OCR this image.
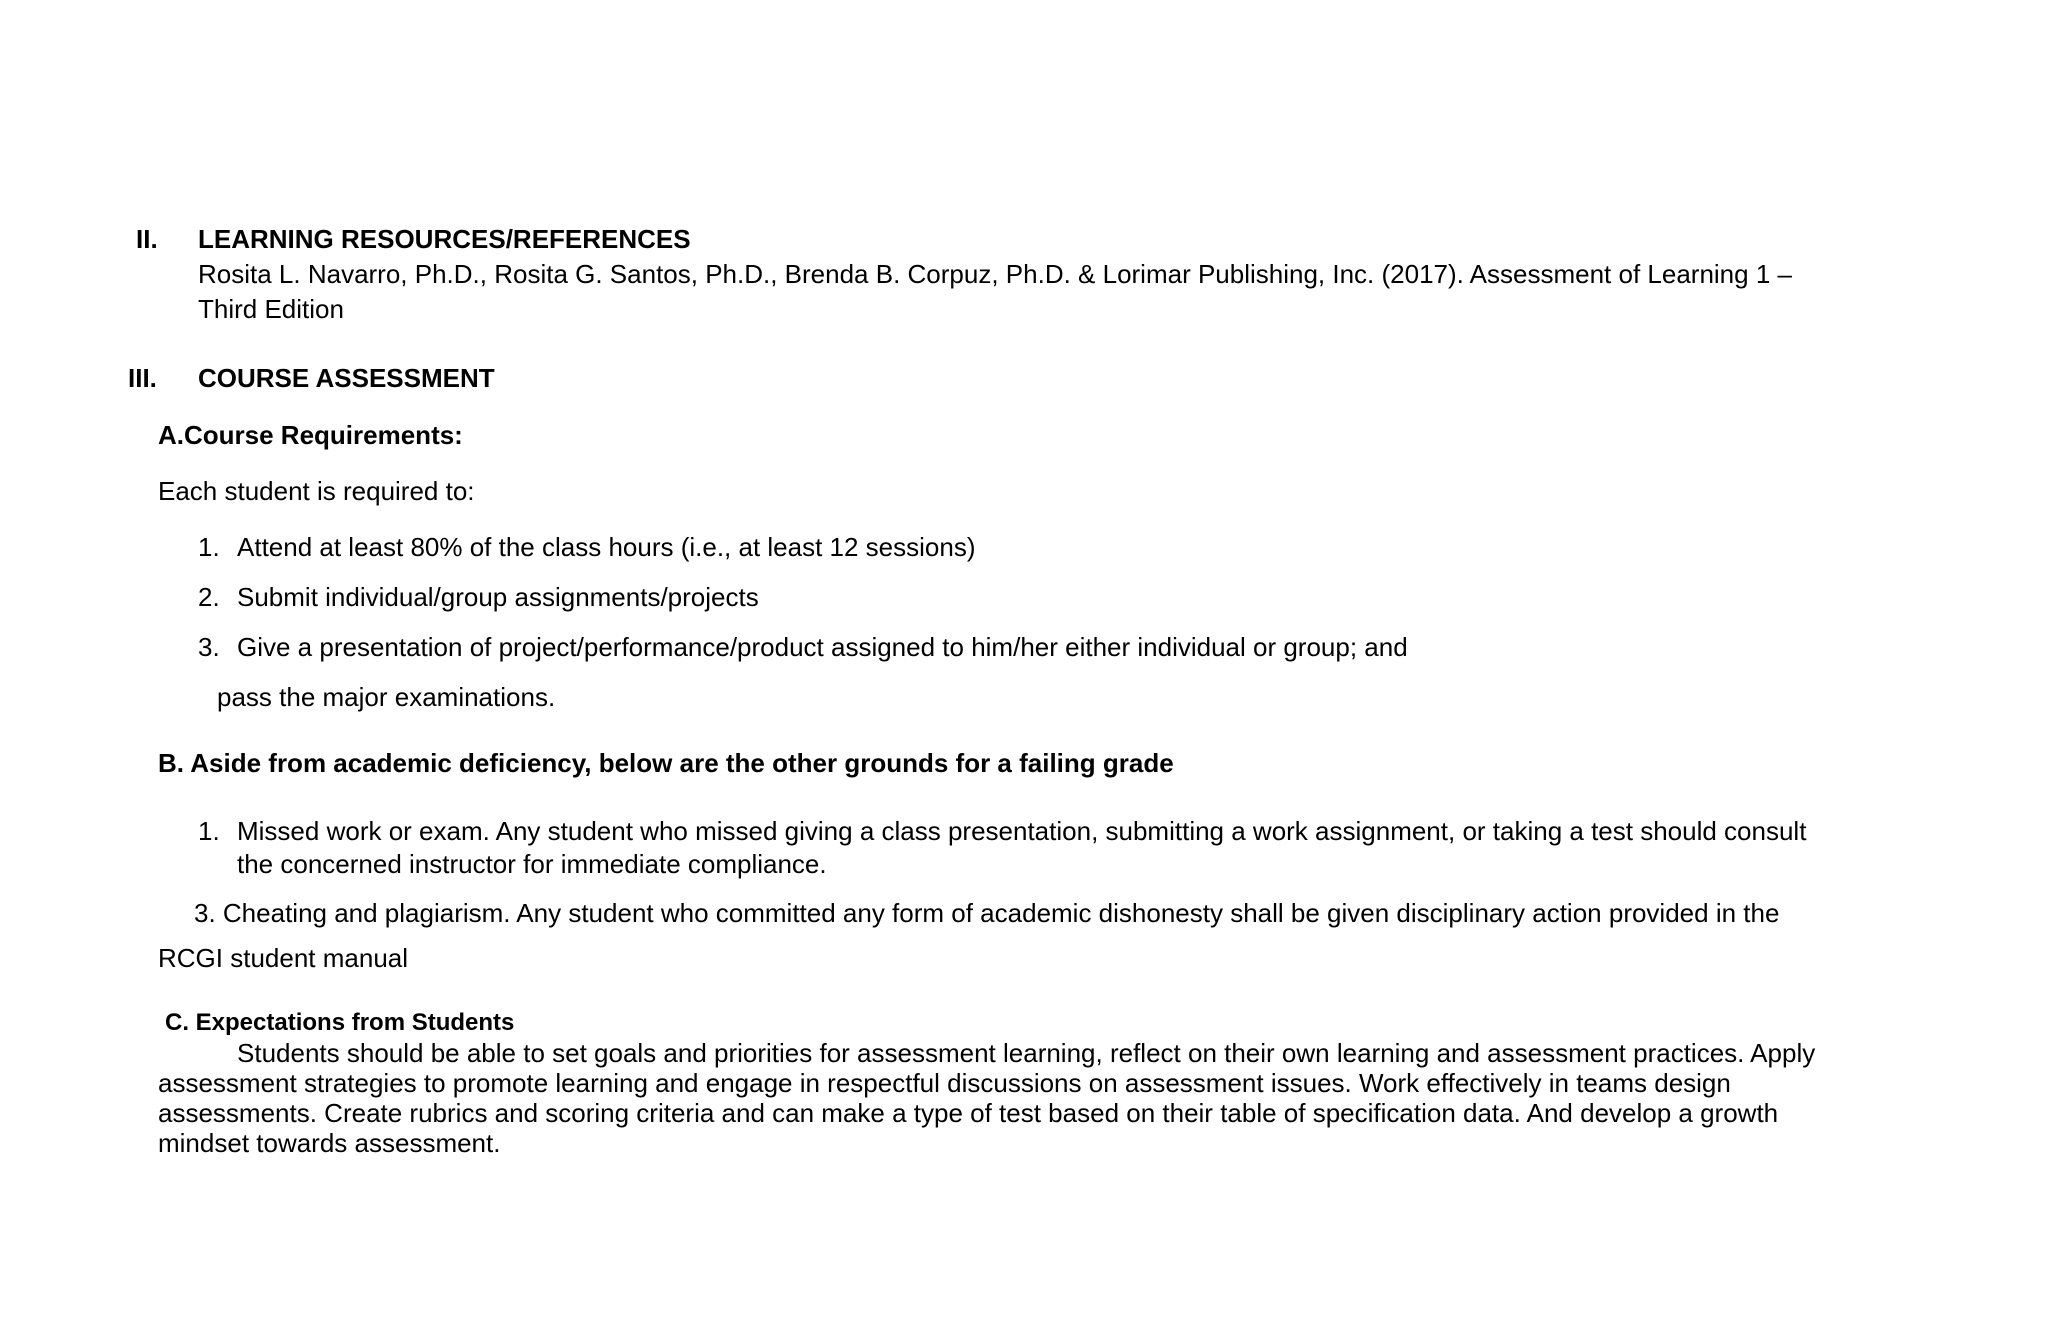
II. LEARNING RESOURCES/REFERENCES
Rosita L. Navarro, Ph.D., Rosita G. Santos, Ph.D., Brenda B. Corpuz, Ph.D. & Lorimar Publishing, Inc. (2017). Assessment of Learning 1 –
Third Edition
III. COURSE ASSESSMENT
A.Course Requirements:
Each student is required to:
1. Attend at least 80% of the class hours (i.e., at least 12 sessions)
2. Submit individual/group assignments/projects
3. Give a presentation of project/performance/product assigned to him/her either individual or group; and
pass the major examinations.
B. Aside from academic deficiency, below are the other grounds for a failing grade
1. Missed work or exam. Any student who missed giving a class presentation, submitting a work assignment, or taking a test should consult
the concerned instructor for immediate compliance.
3. Cheating and plagiarism. Any student who committed any form of academic dishonesty shall be given disciplinary action provided in the
RCGI student manual
C. Expectations from Students
Students should be able to set goals and priorities for assessment learning, reflect on their own learning and assessment practices. Apply
assessment strategies to promote learning and engage in respectful discussions on assessment issues. Work effectively in teams design
assessments. Create rubrics and scoring criteria and can make a type of test based on their table of specification data. And develop a growth
mindset towards assessment.
